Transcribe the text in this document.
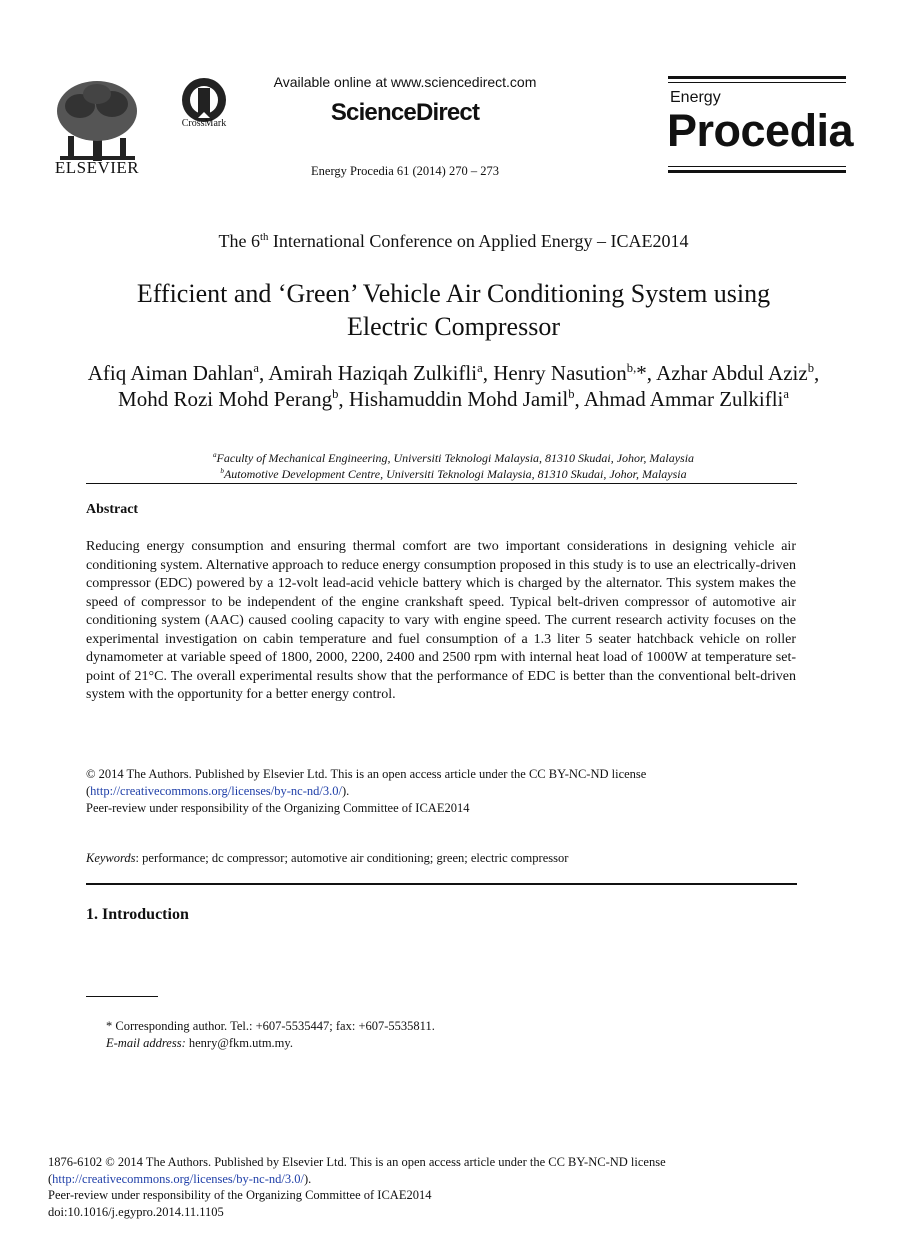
ELSEVIER
CrossMark
Available online at www.sciencedirect.com
ScienceDirect
Energy Procedia 61 (2014) 270 – 273
Energy
Procedia
The 6th International Conference on Applied Energy – ICAE2014
Efficient and ‘Green’ Vehicle Air Conditioning System using
Electric Compressor
Afiq Aiman Dahlan$^a$, Amirah Haziqah Zulkifli$^a$, Henry Nasution$^{b,}$*, Azhar Abdul Aziz$^b$, Mohd Rozi Mohd Perang$^b$, Hishamuddin Mohd Jamil$^b$, Ahmad Ammar Zulkifli$^a$
$^a$Faculty of Mechanical Engineering, Universiti Teknologi Malaysia, 81310 Skudai, Johor, Malaysia
$^b$Automotive Development Centre, Universiti Teknologi Malaysia, 81310 Skudai, Johor, Malaysia
Abstract
Reducing energy consumption and ensuring thermal comfort are two important considerations in designing vehicle air conditioning system. Alternative approach to reduce energy consumption proposed in this study is to use an electrically-driven compressor (EDC) powered by a 12-volt lead-acid vehicle battery which is charged by the alternator. This system makes the speed of compressor to be independent of the engine crankshaft speed. Typical belt-driven compressor of automotive air conditioning system (AAC) caused cooling capacity to vary with engine speed. The current research activity focuses on the experimental investigation on cabin temperature and fuel consumption of a 1.3 liter 5 seater hatchback vehicle on roller dynamometer at variable speed of 1800, 2000, 2200, 2400 and 2500 rpm with internal heat load of 1000W at temperature set-point of 21°C. The overall experimental results show that the performance of EDC is better than the conventional belt-driven system with the opportunity for a better energy control.
© 2014 The Authors. Published by Elsevier Ltd. This is an open access article under the CC BY-NC-ND license
(http://creativecommons.org/licenses/by-nc-nd/3.0/).
Peer-review under responsibility of the Organizing Committee of ICAE2014
Keywords: performance; dc compressor; automotive air conditioning; green; electric compressor
1. Introduction
* Corresponding author. Tel.: +607-5535447; fax: +607-5535811.
E-mail address: henry@fkm.utm.my.
1876-6102 © 2014 The Authors. Published by Elsevier Ltd. This is an open access article under the CC BY-NC-ND license
(http://creativecommons.org/licenses/by-nc-nd/3.0/).
Peer-review under responsibility of the Organizing Committee of ICAE2014
doi:10.1016/j.egypro.2014.11.1105
